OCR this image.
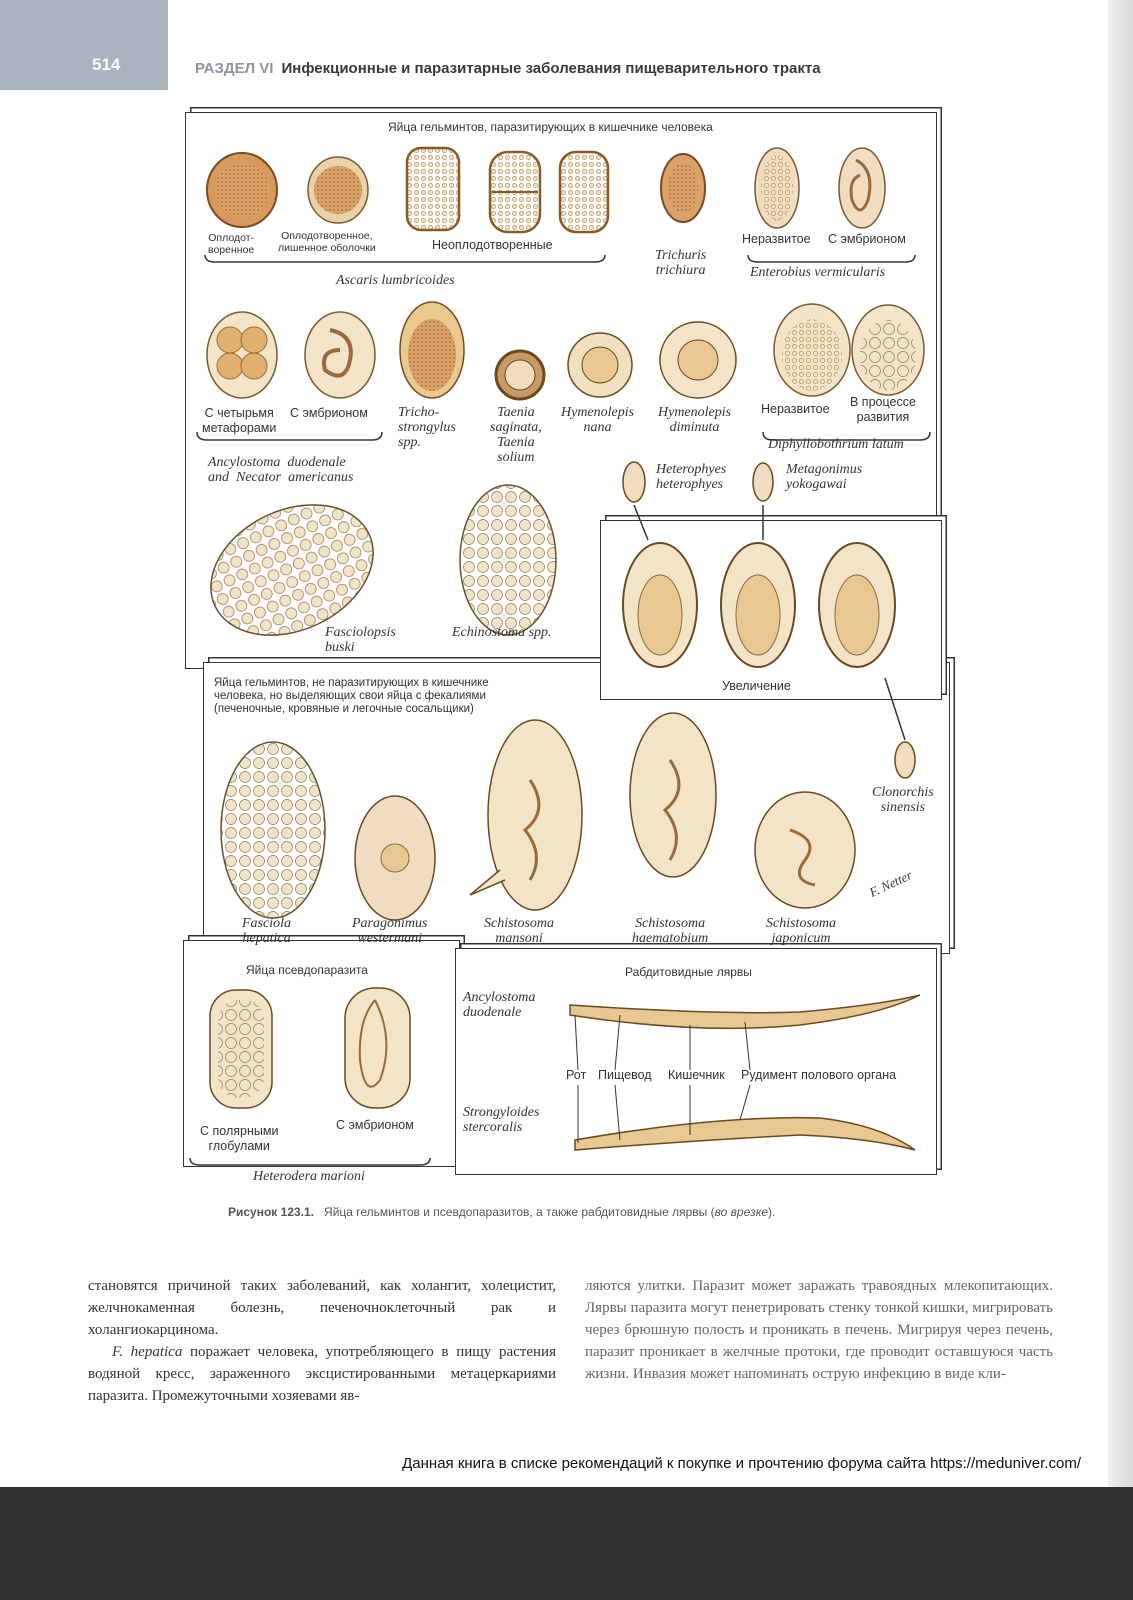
514	РАЗДЕЛ VI Инфекционные и паразитарные заболевания пищеварительного тракта
Яйца гельминтов, паразитирующих в кишечнике человека
Оплодот-
воренное
Оплодотворенное,
лишенное оболочки	Неоплодотворенные
Ascaris lumbricoides
Trichuris
trichiura
Неразвитое С эмбрионом
Enterobius vermicularis
С четырьмя
метафорами
С эмбрионом
Ancylostoma  duodenale
and  Necator  americanus
Tricho-
strongylus
spp.
Taenia
saginata,
Taenia
solium
Hymenolepis
nana
Hymenolepis
diminuta
Неразвитое В процессе
развития
Diphyllobothrium latum
Heterophyes
heterophyes
Metagonimus
yokogawai
Fasciolopsis
buski
Echinostoma spp.
Увеличение
Clonorchis
sinensis
Яйца гельминтов, не паразитирующих в кишечнике
человека, но выделяющих свои яйца с фекалиями
(печеночные, кровяные и легочные сосальщики)
Fasciola
hepatica
Paragonimus
westermani
Schistosoma
mansoni
Schistosoma
haematobium
Schistosoma
japonicum
F. Netter
Яйца псевдопаразита
С полярными
глобулами
С эмбрионом
Heterodera marioni
Рабдитовидные лярвы
Ancylostoma
duodenale
Strongyloides
stercoralis
Рот Пищевод Кишечник Рудимент полового органа
Рисунок 123.1. Яйца гельминтов и псевдопаразитов, а также рабдитовидные лярвы (во врезке).

становятся причиной таких заболеваний, как холангит, холецистит, желчнокаменная болезнь, печеночноклеточный рак и холангиокарцинома.

F. hepatica поражает человека, употребляющего в пищу растения водяной кресс, зараженного эксцистированными метацеркариями паразита. Промежуточными хозяевами яв-

ляются улитки. Паразит может заражать травоядных млекопитающих. Лярвы паразита могут пенетрировать стенку тонкой кишки, мигрировать через брюшную полость и проникать в печень. Мигрируя через печень, паразит проникает в желчные протоки, где проводит оставшуюся часть жизни. Инвазия может напоминать острую инфекцию в виде кли-

Данная книга в списке рекомендаций к покупке и прочтению форума сайта https://meduniver.com/
